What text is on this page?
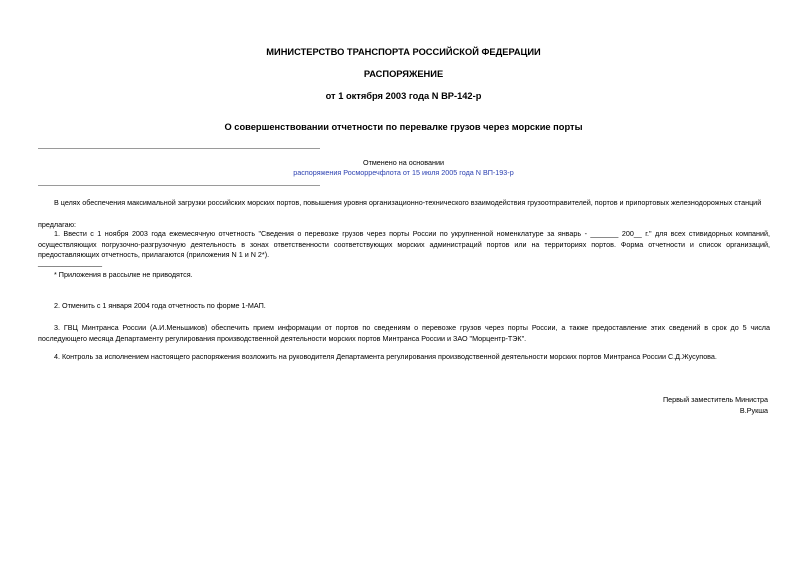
МИНИСТЕРСТВО ТРАНСПОРТА РОССИЙСКОЙ ФЕДЕРАЦИИ
РАСПОРЯЖЕНИЕ
от 1 октября 2003 года N ВР-142-р
О совершенствовании отчетности по перевалке грузов через морские порты
Отменено на основании
распоряжения Росморречфлота от 15 июля 2005 года N ВП-193-р
В целях обеспечения максимальной загрузки российских морских портов, повышения уровня организационно-технического взаимодействия грузоотправителей, портов и припортовых железнодорожных станций
предлагаю:
1. Ввести с 1 ноября 2003 года ежемесячную отчетность "Сведения о перевозке грузов через порты России по укрупненной номенклатуре за январь - _______ 200__ г." для всех стивидорных компаний, осуществляющих погрузочно-разгрузочную деятельность в зонах ответственности соответствующих морских администраций портов или на территориях портов. Форма отчетности и список организаций, предоставляющих отчетность, прилагаются (приложения N 1 и N 2*).
________________
* Приложения в рассылке не приводятся.
2. Отменить с 1 января 2004 года отчетность по форме 1-МАП.
3. ГВЦ Минтранса России (А.И.Меньшиков) обеспечить прием информации от портов по сведениям о перевозке грузов через порты России, а также предоставление этих сведений в срок до 5 числа последующего месяца Департаменту регулирования производственной деятельности морских портов Минтранса России и ЗАО "Морцентр-ТЭК".
4. Контроль за исполнением настоящего распоряжения возложить на руководителя Департамента регулирования производственной деятельности морских портов Минтранса России С.Д.Жусупова.
Первый заместитель Министра
В.Рукша
